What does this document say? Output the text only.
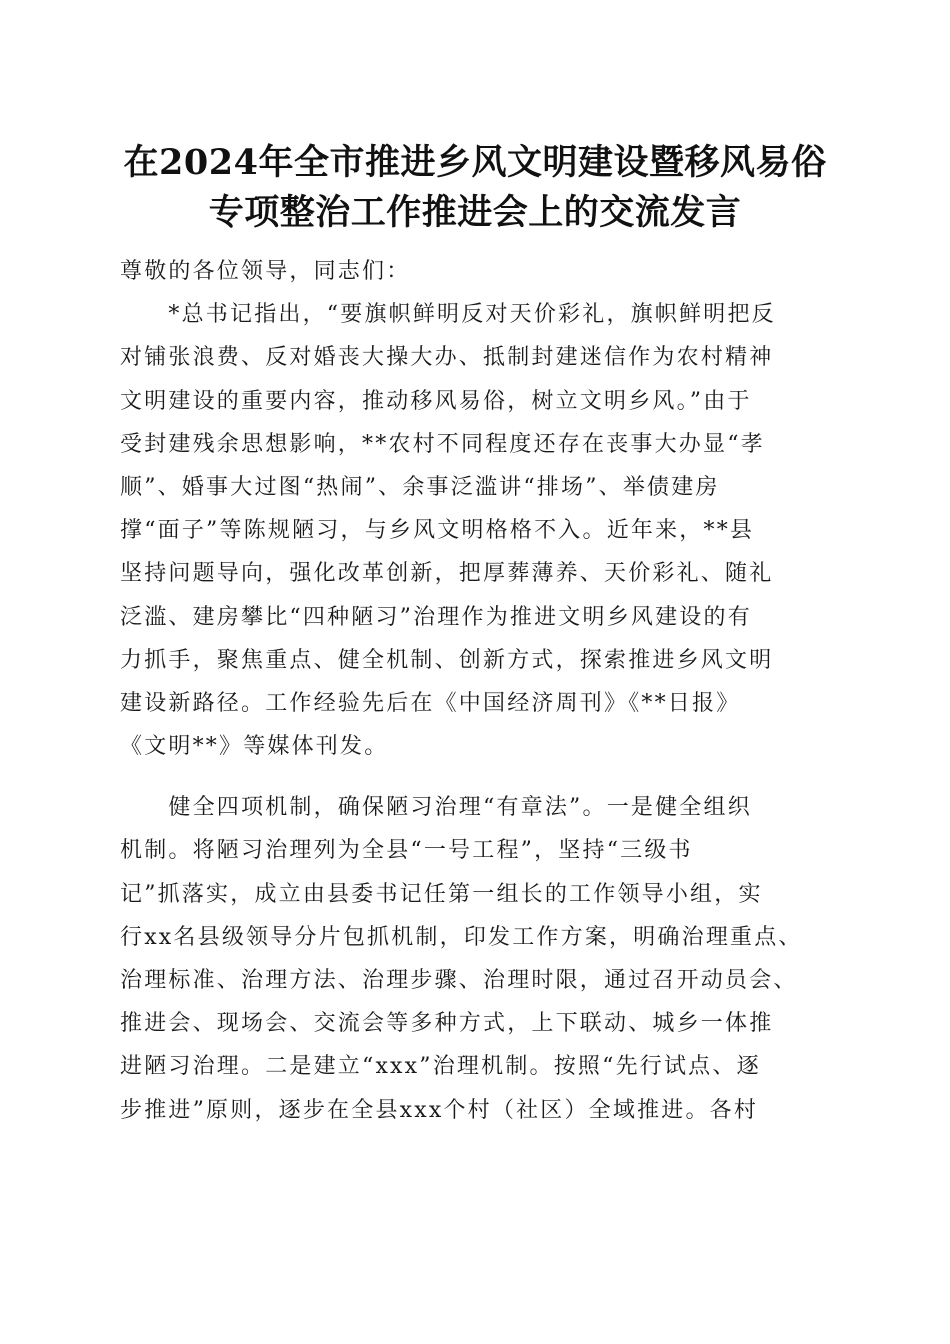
在2024年全市推进乡风文明建设暨移风易俗
专项整治工作推进会上的交流发言
尊敬的各位领导，同志们：
　　*总书记指出，“要旗帜鲜明反对天价彩礼，旗帜鲜明把反
对铺张浪费、反对婚丧大操大办、抵制封建迷信作为农村精神
文明建设的重要内容，推动移风易俗，树立文明乡风。”由于
受封建残余思想影响，**农村不同程度还存在丧事大办显“孝
顺”、婚事大过图“热闹”、余事泛滥讲“排场”、举债建房
撑“面子”等陈规陋习，与乡风文明格格不入。近年来，**县
坚持问题导向，强化改革创新，把厚葬薄养、天价彩礼、随礼
泛滥、建房攀比“四种陋习”治理作为推进文明乡风建设的有
力抓手，聚焦重点、健全机制、创新方式，探索推进乡风文明
建设新路径。工作经验先后在《中国经济周刊》《**日报》
《文明**》等媒体刊发。
　　健全四项机制，确保陋习治理“有章法”。一是健全组织
机制。将陋习治理列为全县“一号工程”，坚持“三级书
记”抓落实，成立由县委书记任第一组长的工作领导小组，实
行xx名县级领导分片包抓机制，印发工作方案，明确治理重点、
治理标准、治理方法、治理步骤、治理时限，通过召开动员会、
推进会、现场会、交流会等多种方式，上下联动、城乡一体推
进陋习治理。二是建立“xxx”治理机制。按照“先行试点、逐
步推进”原则，逐步在全县xxx个村（社区）全域推进。各村
